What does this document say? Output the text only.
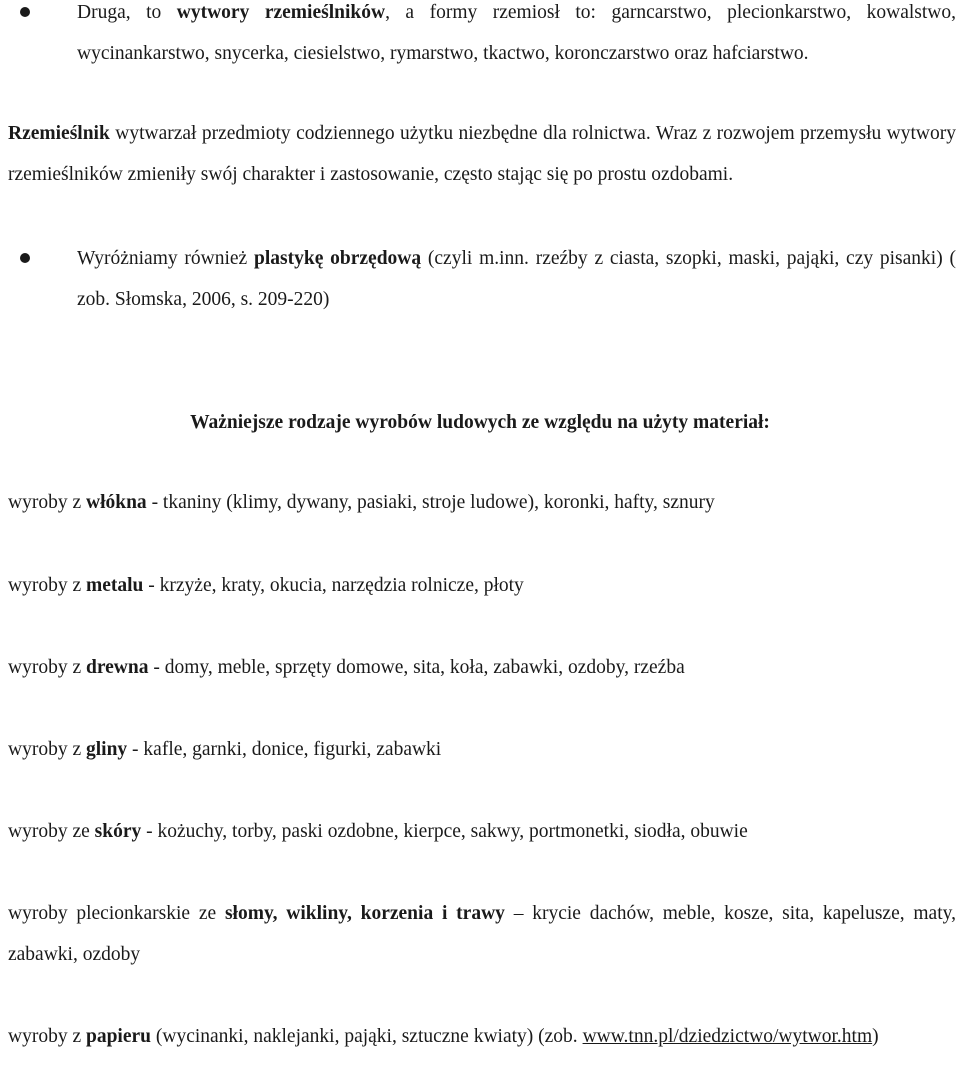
Druga, to wytwory rzemieślników, a formy rzemiosł to: garncarstwo, plecionkarstwo, kowalstwo, wycinankarstwo, snycerka, ciesielstwo, rymarstwo, tkactwo, koronczarstwo oraz hafciarstwo.
Rzemieślnik wytwarzał przedmioty codziennego użytku niezbędne dla rolnictwa. Wraz z rozwojem przemysłu wytwory rzemieślników zmieniły swój charakter i zastosowanie, często stając się po prostu ozdobami.
Wyróżniamy również plastykę obrzędową (czyli m.inn. rzeźby z ciasta, szopki, maski, pająki, czy pisanki) ( zob. Słomska, 2006, s. 209-220)
Ważniejsze rodzaje wyrobów ludowych ze względu na użyty materiał:
wyroby z włókna - tkaniny (klimy, dywany, pasiaki, stroje ludowe), koronki, hafty, sznury
wyroby z metalu - krzyże, kraty, okucia, narzędzia rolnicze, płoty
wyroby z drewna - domy, meble, sprzęty domowe, sita, koła, zabawki, ozdoby, rzeźba
wyroby z gliny - kafle, garnki, donice, figurki, zabawki
wyroby ze skóry - kożuchy, torby, paski ozdobne, kierpce, sakwy, portmonetki, siodła, obuwie
wyroby plecionkarskie ze słomy, wikliny, korzenia i trawy – krycie dachów, meble, kosze, sita, kapelusze, maty, zabawki, ozdoby
wyroby z papieru (wycinanki, naklejanki, pająki, sztuczne kwiaty) (zob. www.tnn.pl/dziedzictwo/wytwor.htm)
